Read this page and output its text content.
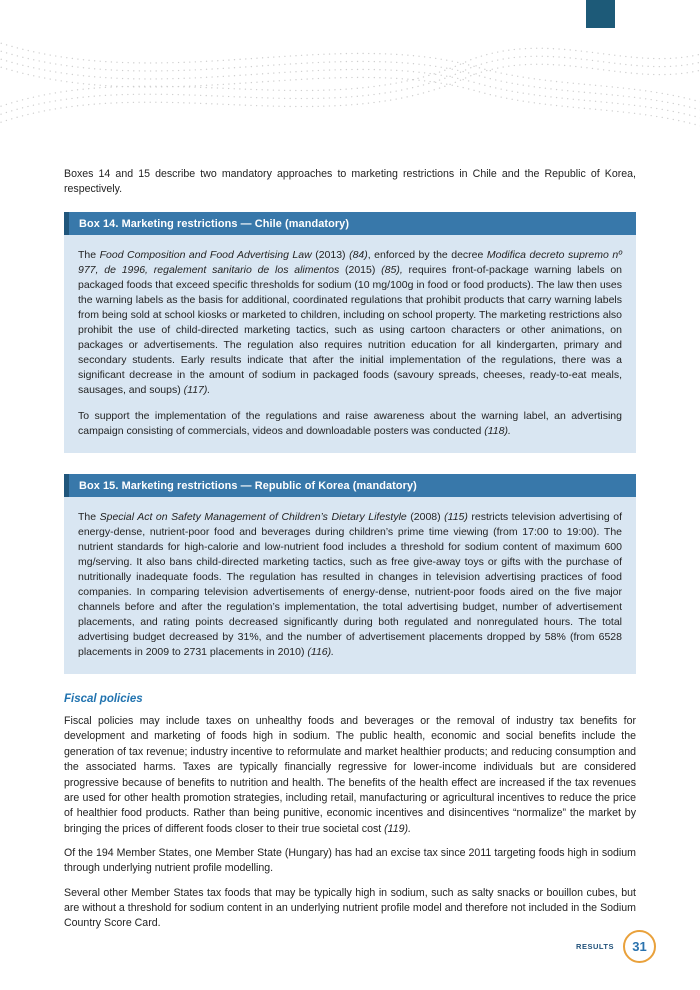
Boxes 14 and 15 describe two mandatory approaches to marketing restrictions in Chile and the Republic of Korea, respectively.

Box 14. Marketing restrictions — Chile (mandatory)

The Food Composition and Food Advertising Law (2013) (84), enforced by the decree Modifica decreto supremo nº 977, de 1996, regalement sanitario de los alimentos (2015) (85), requires front-of-package warning labels on packaged foods that exceed specific thresholds for sodium (10 mg/100g in food or food products). The law then uses the warning labels as the basis for additional, coordinated regulations that prohibit products that carry warning labels from being sold at school kiosks or marketed to children, including on school property. The marketing restrictions also prohibit the use of child-directed marketing tactics, such as using cartoon characters or other animations, on packages or advertisements. The regulation also requires nutrition education for all kindergarten, primary and secondary students. Early results indicate that after the initial implementation of the regulations, there was a significant decrease in the amount of sodium in packaged foods (savoury spreads, cheeses, ready-to-eat meals, sausages, and soups) (117).

To support the implementation of the regulations and raise awareness about the warning label, an advertising campaign consisting of commercials, videos and downloadable posters was conducted (118).

Box 15. Marketing restrictions — Republic of Korea (mandatory)

The Special Act on Safety Management of Children’s Dietary Lifestyle (2008) (115) restricts television advertising of energy-dense, nutrient-poor food and beverages during children’s prime time viewing (from 17:00 to 19:00). The nutrient standards for high-calorie and low-nutrient food includes a threshold for sodium content of maximum 600 mg/serving. It also bans child-directed marketing tactics, such as free give-away toys or gifts with the purchase of nutritionally inadequate foods. The regulation has resulted in changes in television advertising practices of food companies. In comparing television advertisements of energy-dense, nutrient-poor foods aired on the five major channels before and after the regulation’s implementation, the total advertising budget, number of advertisement placements, and rating points decreased significantly during both regulated and nonregulated hours. The total advertising budget decreased by 31%, and the number of advertisement placements dropped by 58% (from 6528 placements in 2009 to 2731 placements in 2010) (116).

Fiscal policies

Fiscal policies may include taxes on unhealthy foods and beverages or the removal of industry tax benefits for development and marketing of foods high in sodium. The public health, economic and social benefits include the generation of tax revenue; industry incentive to reformulate and market healthier products; and reducing consumption and the associated harms. Taxes are typically financially regressive for lower-income individuals but are considered progressive because of benefits to nutrition and health. The benefits of the health effect are increased if the tax revenues are used for other health promotion strategies, including retail, manufacturing or agricultural incentives to reduce the price of healthier food products. Rather than being punitive, economic incentives and disincentives “normalize” the market by bringing the prices of different foods closer to their true societal cost (119).

Of the 194 Member States, one Member State (Hungary) has had an excise tax since 2011 targeting foods high in sodium through underlying nutrient profile modelling.

Several other Member States tax foods that may be typically high in sodium, such as salty snacks or bouillon cubes, but are without a threshold for sodium content in an underlying nutrient profile model and therefore not included in the Sodium Country Score Card.

RESULTS 31
